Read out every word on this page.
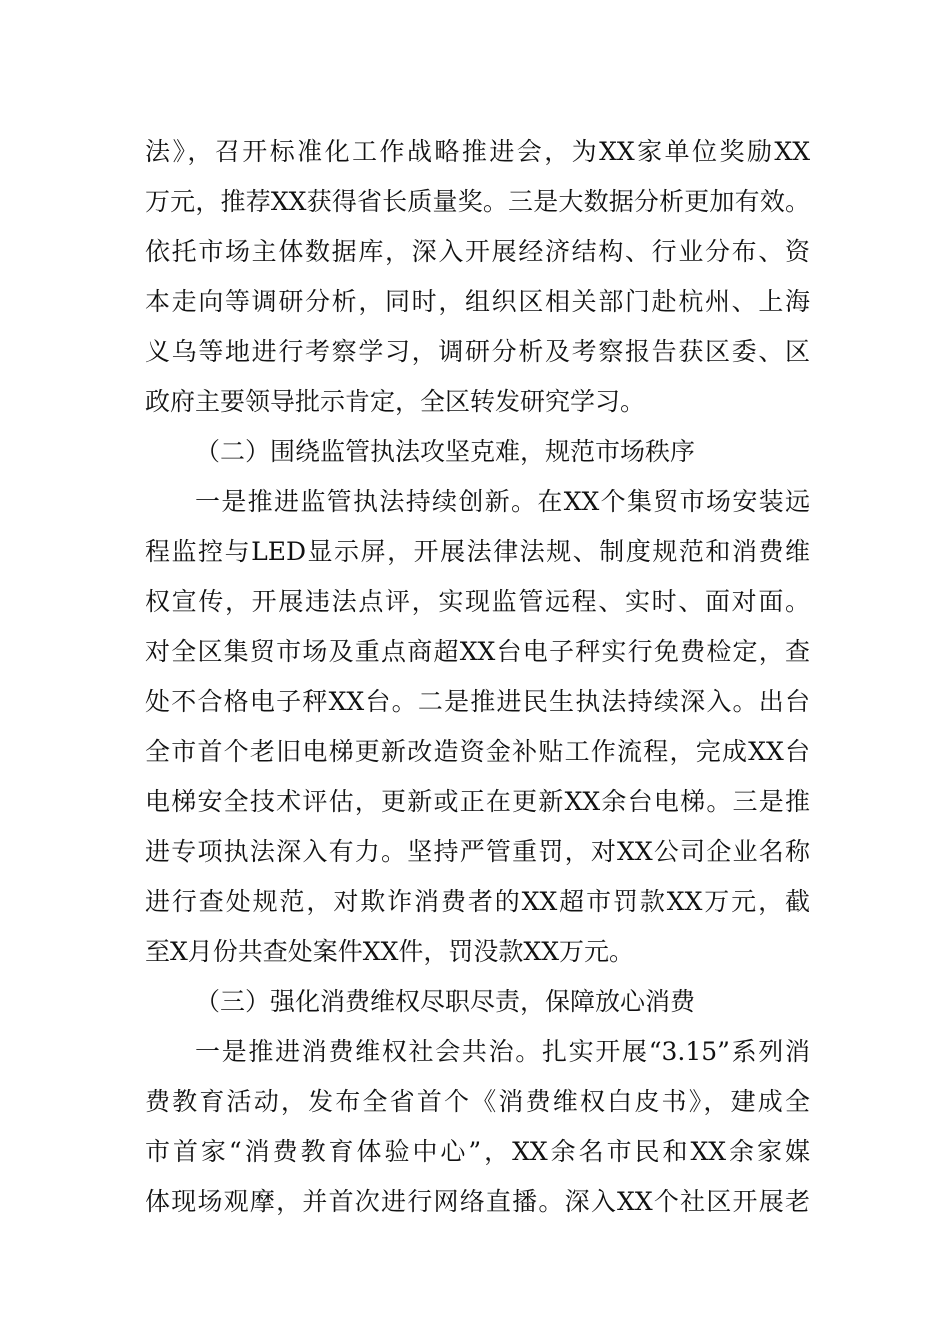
法》，召开标准化工作战略推进会，为XX家单位奖励XX
万元，推荐XX获得省长质量奖。三是大数据分析更加有效。
依托市场主体数据库，深入开展经济结构、行业分布、资
本走向等调研分析，同时，组织区相关部门赴杭州、上海
义乌等地进行考察学习，调研分析及考察报告获区委、区
政府主要领导批示肯定，全区转发研究学习。
（二）围绕监管执法攻坚克难，规范市场秩序
一是推进监管执法持续创新。在XX个集贸市场安装远
程监控与LED显示屏，开展法律法规、制度规范和消费维
权宣传，开展违法点评，实现监管远程、实时、面对面。
对全区集贸市场及重点商超XX台电子秤实行免费检定，查
处不合格电子秤XX台。二是推进民生执法持续深入。出台
全市首个老旧电梯更新改造资金补贴工作流程，完成XX台
电梯安全技术评估，更新或正在更新XX余台电梯。三是推
进专项执法深入有力。坚持严管重罚，对XX公司企业名称
进行查处规范，对欺诈消费者的XX超市罚款XX万元，截
至X月份共查处案件XX件，罚没款XX万元。
（三）强化消费维权尽职尽责，保障放心消费
一是推进消费维权社会共治。扎实开展“3.15”系列消
费教育活动，发布全省首个《消费维权白皮书》，建成全
市首家“消费教育体验中心”，XX余名市民和XX余家媒
体现场观摩，并首次进行网络直播。深入XX个社区开展老
